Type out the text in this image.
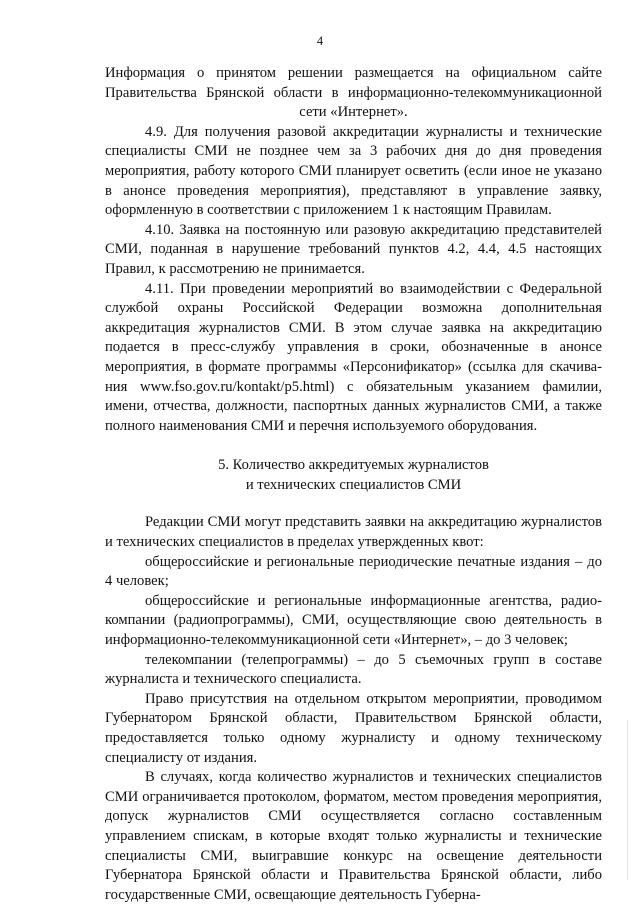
4
Информация о принятом решении размещается на официальном сайте
Правительства Брянской области в информационно-телекоммуникационной
сети «Интернет».

4.9. Для получения разовой аккредитации журналисты и технические специалисты СМИ не позднее чем за 3 рабочих дня до дня проведения мероприятия, работу которого СМИ планирует осветить (если иное не указано в анонсе проведения мероприятия), представляют в управление заявку, оформленную в соответствии с приложением 1 к настоящим Правилам.

4.10. Заявка на постоянную или разовую аккредитацию представителей СМИ, поданная в нарушение требований пунктов 4.2, 4.4, 4.5 настоящих Правил, к рассмотрению не принимается.

4.11. При проведении мероприятий во взаимодействии с Федеральной службой охраны Российской Федерации возможна дополнительная аккредитация журналистов СМИ. В этом случае заявка на аккредитацию подается в пресс-службу управления в сроки, обозначенные в анонсе мероприятия, в формате программы «Персонификатор» (ссылка для скачива-ния www.fso.gov.ru/kontakt/p5.html) с обязательным указанием фамилии, имени, отчества, должности, паспортных данных журналистов СМИ, а также полного наименования СМИ и перечня используемого оборудования.

5. Количество аккредитуемых журналистов
и технических специалистов СМИ

Редакции СМИ могут представить заявки на аккредитацию журналистов и технических специалистов в пределах утвержденных квот:

общероссийские и региональные периодические печатные издания – до 4 человек;

общероссийские и региональные информационные агентства, радио-компании (радиопрограммы), СМИ, осуществляющие свою деятельность в информационно-телекоммуникационной сети «Интернет», – до 3 человек;

телекомпании (телепрограммы) – до 5 съемочных групп в составе журналиста и технического специалиста.

Право присутствия на отдельном открытом мероприятии, проводимом Губернатором Брянской области, Правительством Брянской области, предоставляется только одному журналисту и одному техническому специалисту от издания.

В случаях, когда количество журналистов и технических специалистов СМИ ограничивается протоколом, форматом, местом проведения мероприятия, допуск журналистов СМИ осуществляется согласно составленным управлением спискам, в которые входят только журналисты и технические специалисты СМИ, выигравшие конкурс на освещение деятельности Губернатора Брянской области и Правительства Брянской области, либо государственные СМИ, освещающие деятельность Губерна-
